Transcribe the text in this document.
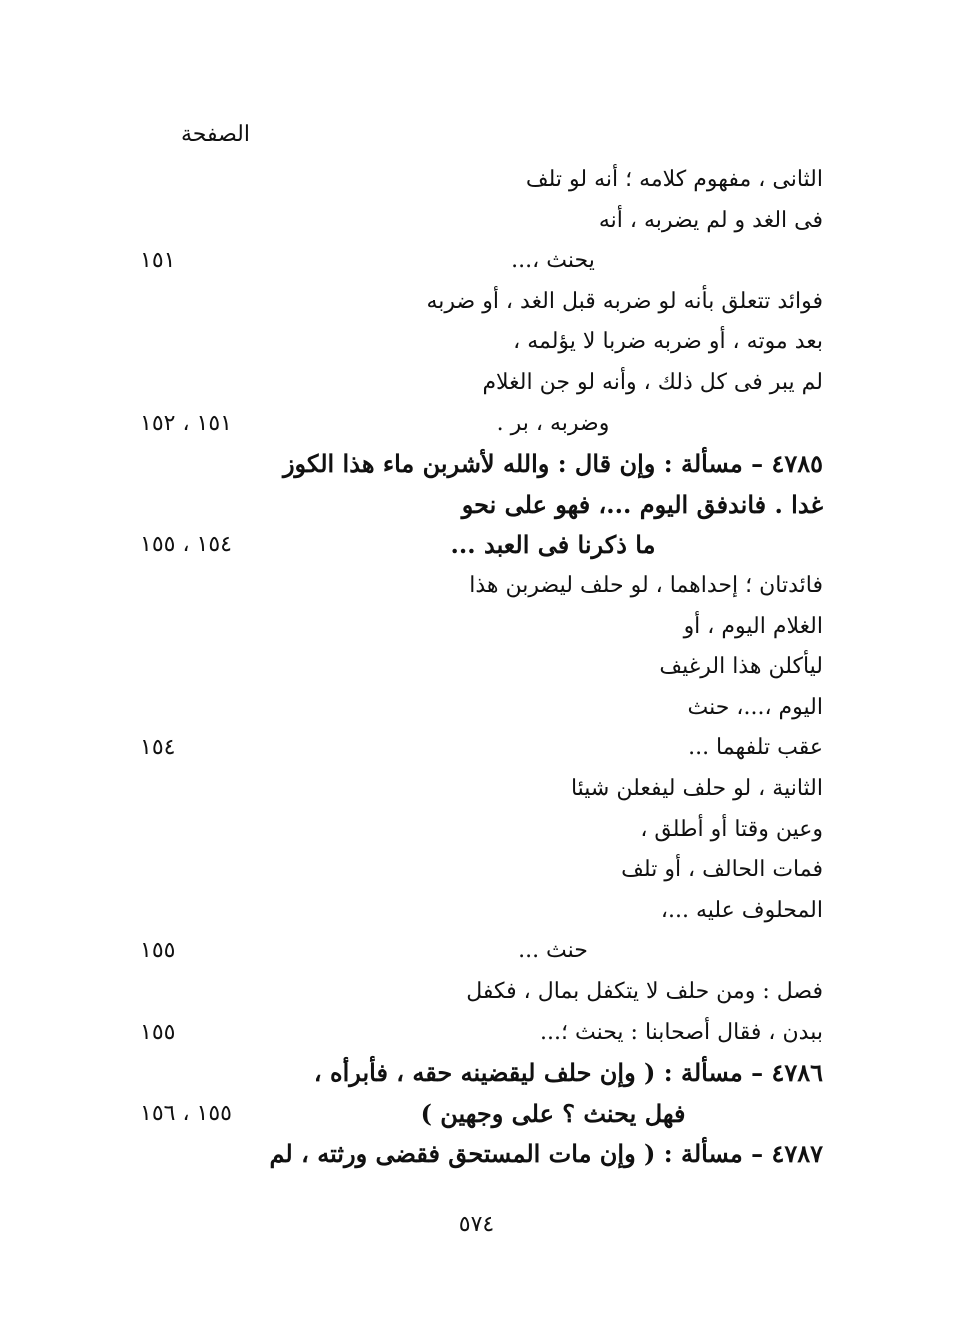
الصفحة
الثانى ، مفهوم كلامه ؛ أنه لو تلف
فى الغد و لم يضربه ، أنه
يحنث ،...
١٥١
فوائد تتعلق بأنه لو ضربه قبل الغد ، أو ضربه
بعد موته ، أو ضربه ضربا لا يؤلمه ،
لم يبر فى كل ذلك ، وأنه لو جن الغلام
وضربه ، بر .
١٥١ ، ١٥٢
٤٧٨٥ – مسألة : وإن قال : والله لأشربن ماء هذا الكوز
غدا . فاندفق اليوم ...، فهو على نحو
ما ذكرنا فى العبد ...
١٥٤ ، ١٥٥
فائدتان ؛ إحداهما ، لو حلف ليضربن هذا
الغلام اليوم ، أو
ليأكلن هذا الرغيف
اليوم ،...، حنث
عقب تلفهما ...
١٥٤
الثانية ، لو حلف ليفعلن شيئا
وعين وقتا أو أطلق ،
فمات الحالف ، أو تلف
المحلوف عليه ...،
حنث ...
١٥٥
فصل : ومن حلف لا يتكفل بمال ، فكفل
ببدن ، فقال أصحابنا : يحنث ؛...
١٥٥
٤٧٨٦ – مسألة : ( وإن حلف ليقضينه حقه ، فأبرأه ،
فهل يحنث ؟ على وجهين )
١٥٥ ، ١٥٦
٤٧٨٧ – مسألة : ( وإن مات المستحق فقضى ورثته ، لم
٥٧٤
